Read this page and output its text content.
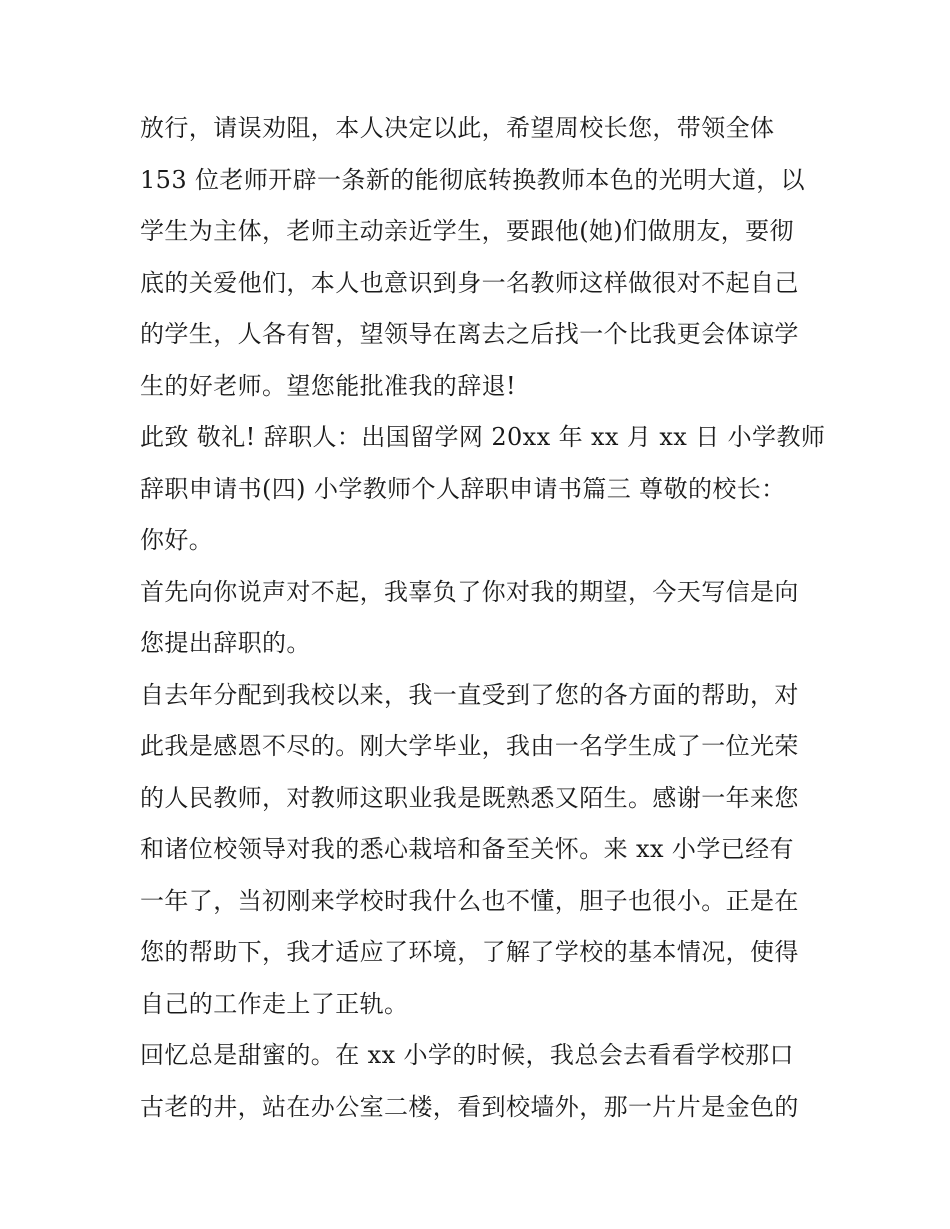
放行，请误劝阻，本人决定以此，希望周校长您，带领全体
153 位老师开辟一条新的能彻底转换教师本色的光明大道，以
学生为主体，老师主动亲近学生，要跟他(她)们做朋友，要彻
底的关爱他们，本人也意识到身一名教师这样做很对不起自己
的学生，人各有智，望领导在离去之后找一个比我更会体谅学
生的好老师。望您能批准我的辞退!
此致 敬礼! 辞职人：出国留学网 20xx 年 xx 月 xx 日 小学教师
辞职申请书(四) 小学教师个人辞职申请书篇三 尊敬的校长：
你好。
首先向你说声对不起，我辜负了你对我的期望，今天写信是向
您提出辞职的。
自去年分配到我校以来，我一直受到了您的各方面的帮助，对
此我是感恩不尽的。刚大学毕业，我由一名学生成了一位光荣
的人民教师，对教师这职业我是既熟悉又陌生。感谢一年来您
和诸位校领导对我的悉心栽培和备至关怀。来 xx 小学已经有
一年了，当初刚来学校时我什么也不懂，胆子也很小。正是在
您的帮助下，我才适应了环境，了解了学校的基本情况，使得
自己的工作走上了正轨。
回忆总是甜蜜的。在 xx 小学的时候，我总会去看看学校那口
古老的井，站在办公室二楼，看到校墙外，那一片片是金色的
